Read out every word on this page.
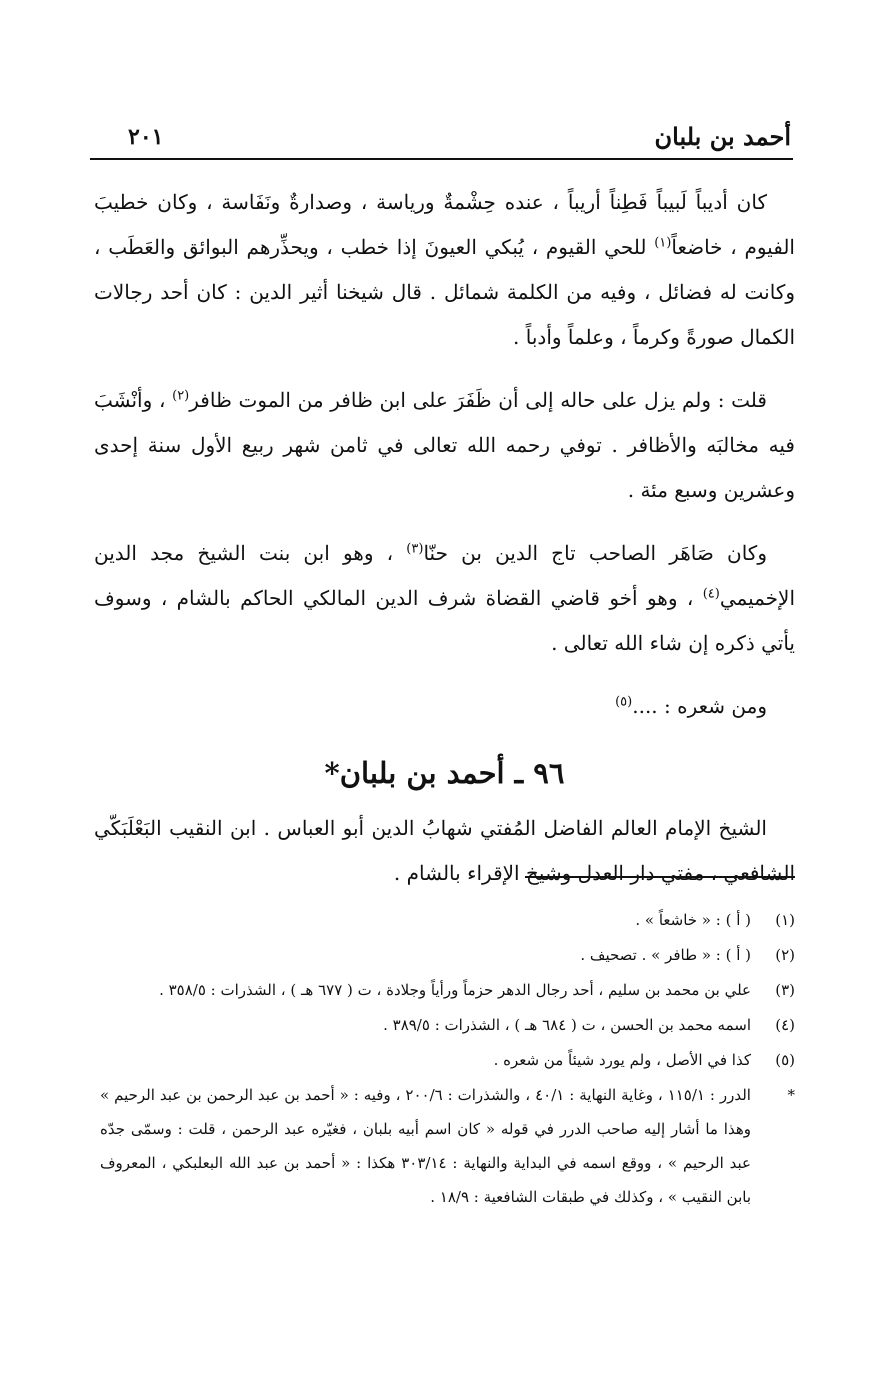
أحمد بن بلبان
٢٠١

كان أديباً لَبيباً فَطِناً أريباً ، عنده حِشْمةٌ ورياسة ، وصدارةٌ ونَفَاسة ، وكان خطيبَ الفيوم ، خاضعاً$^{(١)}$ للحي القيوم ، يُبكي العيونَ إذا خطب ، ويحذِّرهم البوائق والعَطَب ، وكانت له فضائل ، وفيه من الكلمة شمائل . قال شيخنا أثير الدين : كان أحد رجالات الكمال صورةً وكرماً ، وعلماً وأدباً .

قلت : ولم يزل على حاله إلى أن ظَفَرَ على ابن ظافر من الموت ظافر$^{(٢)}$ ، وأنْشَبَ فيه مخالبَه والأظافر . توفي رحمه الله تعالى في ثامن شهر ربيع الأول سنة إحدى وعشرين وسبع مئة .

وكان صَاهَر الصاحب تاج الدين بن حنّا$^{(٣)}$ ، وهو ابن بنت الشيخ مجد الدين الإخميمي$^{(٤)}$ ، وهو أخو قاضي القضاة شرف الدين المالكي الحاكم بالشام ، وسوف يأتي ذكره إن شاء الله تعالى .

ومن شعره : ....$^{(٥)}$

٩٦ ـ أحمد بن بلبان*

الشيخ الإمام العالم الفاضل المُفتي شهابُ الدين أبو العباس . ابن النقيب البَعْلَبَكّي الشافعي ، مفتي دار العدل وشيخ الإقراء بالشام .

(١)
( أ ) : « خاشعاً » .
(٢)
( أ ) : « طافر » . تصحيف .
(٣)
علي بن محمد بن سليم ، أحد رجال الدهر حزماً ورأياً وجلادة ، ت ( ٦٧٧ هـ ) ، الشذرات : ٣٥٨/٥ .
(٤)
اسمه محمد بن الحسن ، ت ( ٦٨٤ هـ ) ، الشذرات : ٣٨٩/٥ .
(٥)
كذا في الأصل ، ولم يورد شيئاً من شعره .
*
الدرر : ١١٥/١ ، وغاية النهاية : ٤٠/١ ، والشذرات : ٢٠٠/٦ ، وفيه : « أحمد بن عبد الرحمن بن عبد الرحيم » وهذا ما أشار إليه صاحب الدرر في قوله « كان اسم أبيه بلبان ، فغيّره عبد الرحمن ، قلت : وسمّى جدّه عبد الرحيم » ، ووقع اسمه في البداية والنهاية : ٣٠٣/١٤ هكذا : « أحمد بن عبد الله البعلبكي ، المعروف بابن النقيب » ، وكذلك في طبقات الشافعية : ١٨/٩ .
